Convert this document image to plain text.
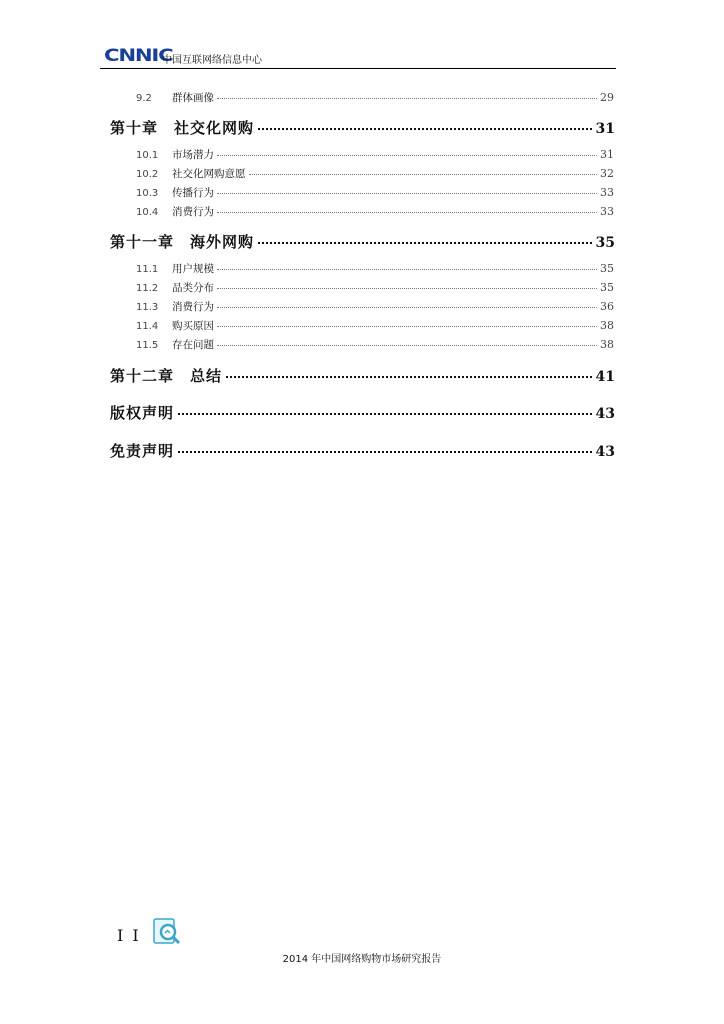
CNNIC
中国互联网络信息中心
9.2	群体画像	29
第十章　社交化网购	31
10.1	市场潜力	31
10.2	社交化网购意愿	32
10.3	传播行为	33
10.4	消费行为	33
第十一章　海外网购	35
11.1	用户规模	35
11.2	品类分布	35
11.3	消费行为	36
11.4	购买原因	38
11.5	存在问题	38
第十二章　总结	41
版权声明	43
免责声明	43
I I
2014 年中国网络购物市场研究报告
